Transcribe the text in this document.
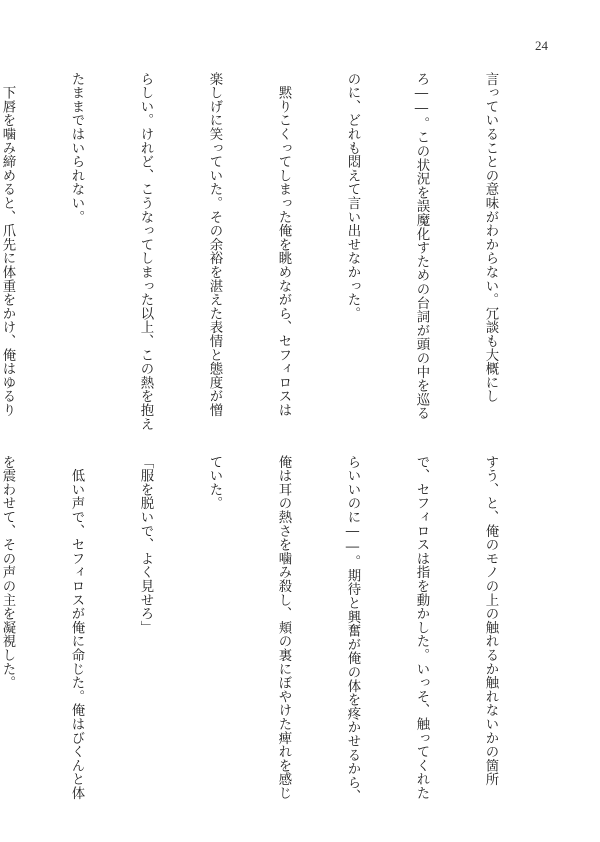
24

言っていることの意味がわからない。冗談も大概にし

ろ――。この状況を誤魔化すための台詞が頭の中を巡る

のに、どれも悶えて言い出せなかった。

　黙りこくってしまった俺を眺めながら、セフィロスは

楽しげに笑っていた。その余裕を湛えた表情と態度が憎

らしい。けれど、こうなってしまった以上、この熱を抱え

たままではいられない。

　下唇を噛み締めると、爪先に体重をかけ、俺はゆるり

すう、と、俺のモノの上の触れるか触れないかの箇所

で、セフィロスは指を動かした。いっそ、触ってくれた

らいいのに――。期待と興奮が俺の体を疼かせるから、

俺は耳の熱さを噛み殺し、頬の裏にぼやけた痺れを感じ

ていた。

「服を脱いで、よく見せろ」

　低い声で、セフィロスが俺に命じた。俺はびくんと体

を震わせて、その声の主を凝視した。
